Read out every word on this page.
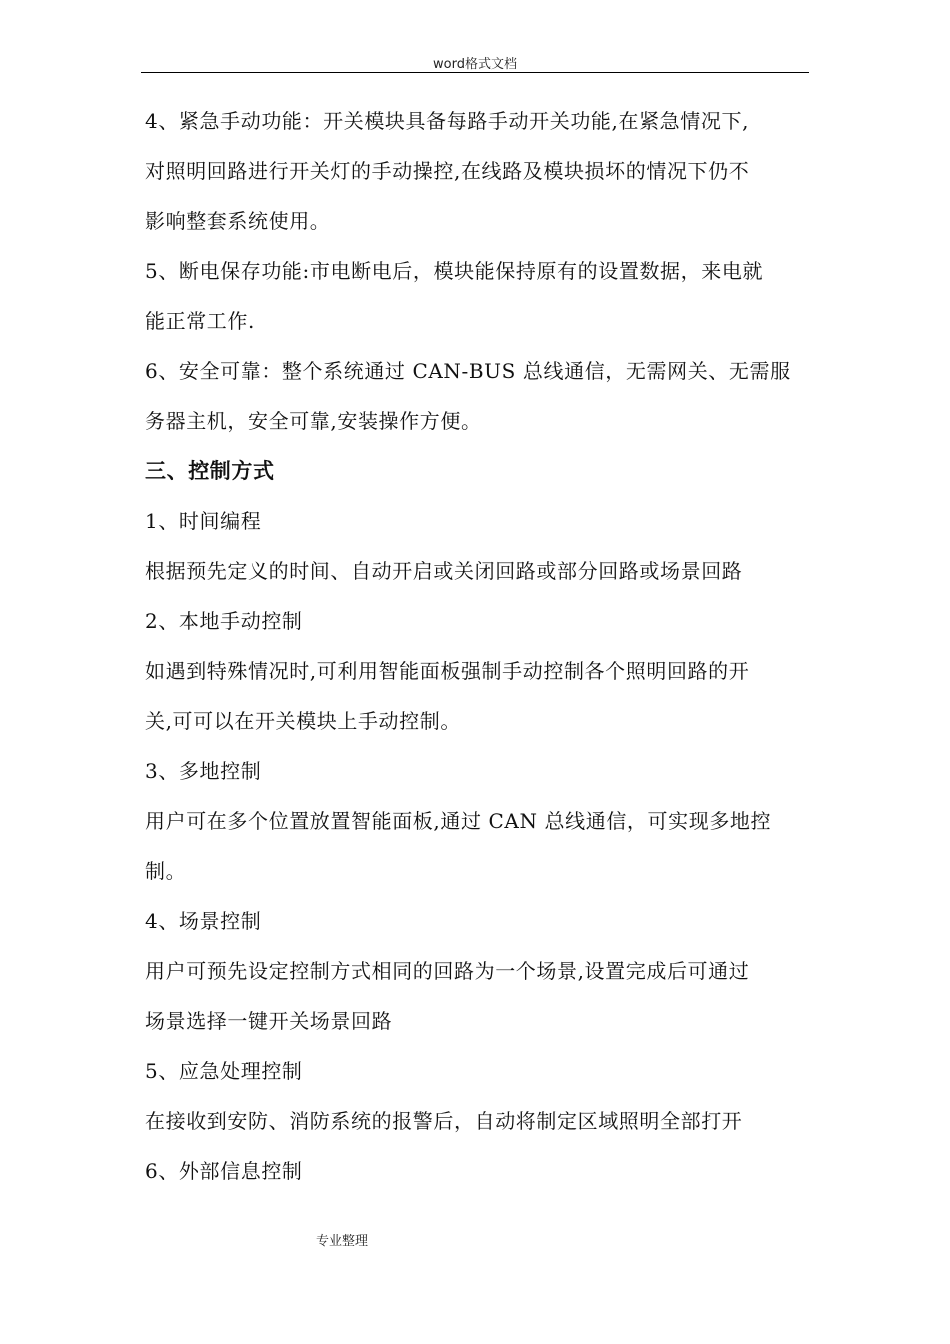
word格式文档
4、紧急手动功能：开关模块具备每路手动开关功能,在紧急情况下,
对照明回路进行开关灯的手动操控,在线路及模块损坏的情况下仍不
影响整套系统使用。
5、断电保存功能:市电断电后，模块能保持原有的设置数据，来电就
能正常工作.
6、安全可靠：整个系统通过 CAN-BUS 总线通信，无需网关、无需服
务器主机，安全可靠,安装操作方便。
三、控制方式
1、时间编程
根据预先定义的时间、自动开启或关闭回路或部分回路或场景回路
2、本地手动控制
如遇到特殊情况时,可利用智能面板强制手动控制各个照明回路的开
关,可可以在开关模块上手动控制。
3、多地控制
用户可在多个位置放置智能面板,通过 CAN 总线通信，可实现多地控
制。
4、场景控制
用户可预先设定控制方式相同的回路为一个场景,设置完成后可通过
场景选择一键开关场景回路
5、应急处理控制
在接收到安防、消防系统的报警后，自动将制定区域照明全部打开
6、外部信息控制
专业整理
